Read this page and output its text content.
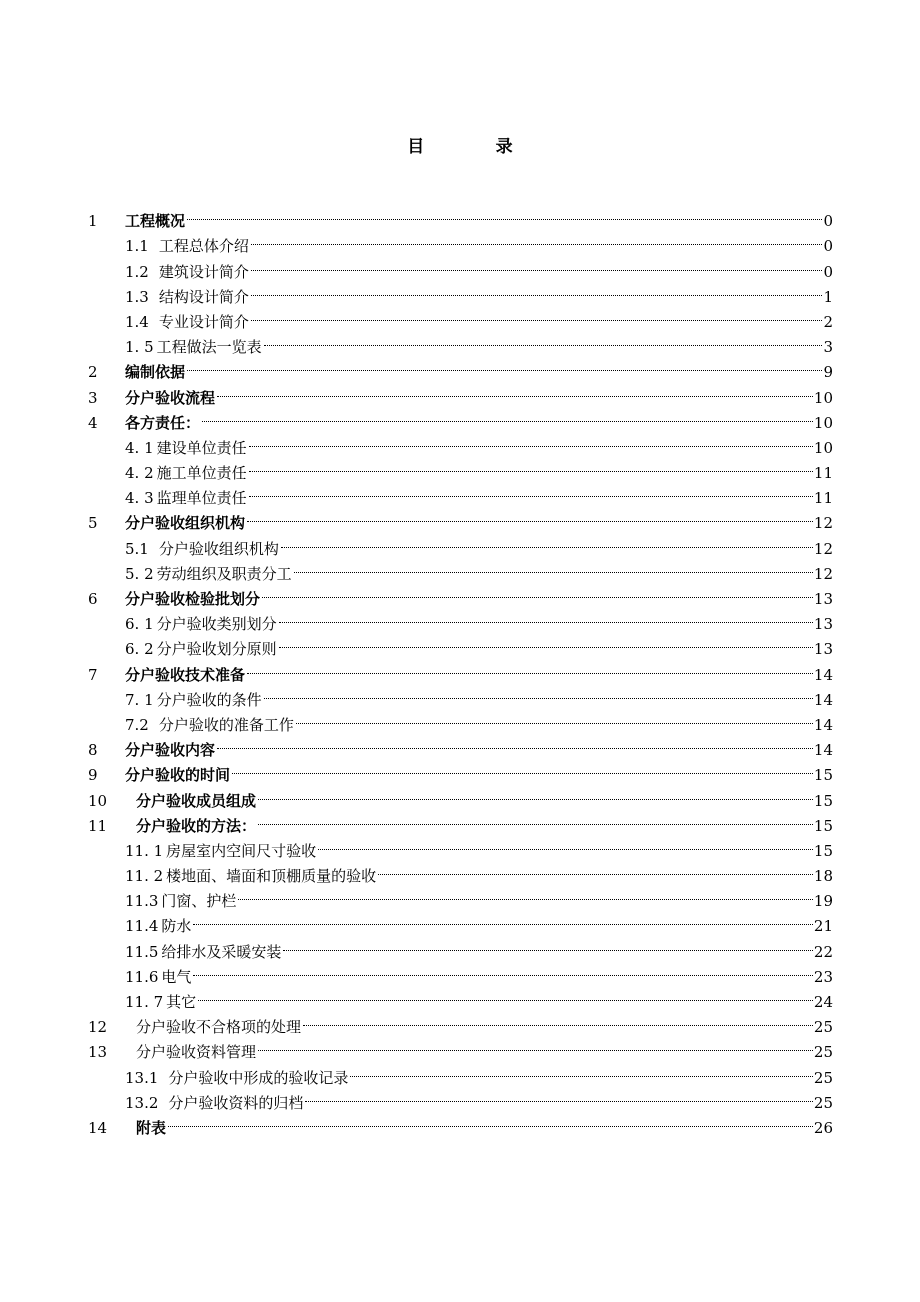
目　录
1	工程概况	0
1.1 工程总体介绍	0
1.2 建筑设计简介	0
1.3 结构设计简介	1
1.4 专业设计简介	2
1. 5 工程做法一览表	3
2	编制依据	9
3	分户验收流程	10
4	各方责任：	10
4. 1 建设单位责任	10
4. 2 施工单位责任	11
4. 3 监理单位责任	11
5	分户验收组织机构	12
5.1 分户验收组织机构	12
5. 2 劳动组织及职责分工	12
6	分户验收检验批划分	13
6. 1 分户验收类别划分	13
6. 2 分户验收划分原则	13
7	分户验收技术准备	14
7. 1 分户验收的条件	14
7.2 分户验收的准备工作	14
8	分户验收内容	14
9	分户验收的时间	15
10	分户验收成员组成	15
11	分户验收的方法：	15
11. 1 房屋室内空间尺寸验收	15
11. 2 楼地面、墙面和顶棚质量的验收	18
11.3 门窗、护栏	19
11.4 防水	21
11.5 给排水及采暖安装	22
11.6 电气	23
11. 7 其它	24
12	分户验收不合格项的处理	25
13	分户验收资料管理	25
13.1 分户验收中形成的验收记录	25
13.2 分户验收资料的归档	25
14	附表	26
